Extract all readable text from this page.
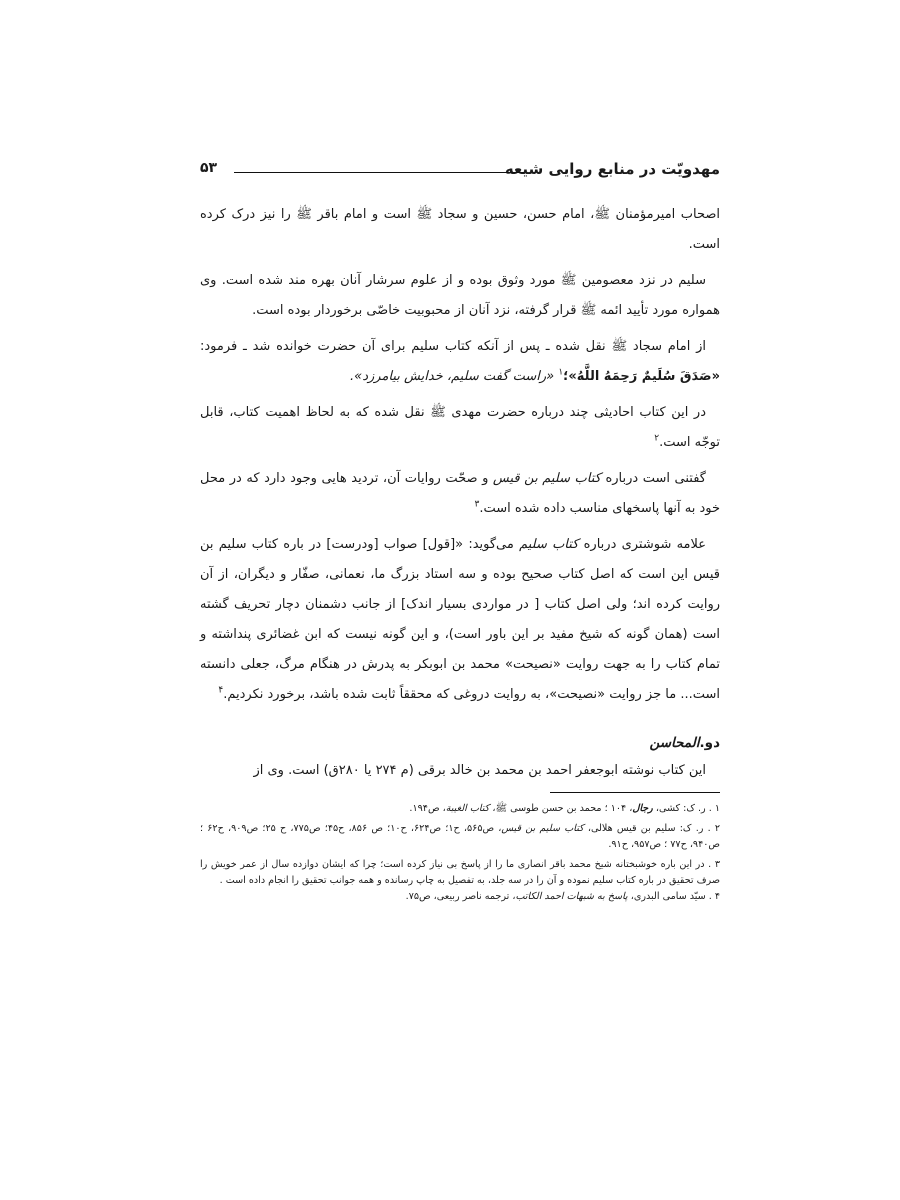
مهدویّت در منابع روایی شیعه
۵۳

اصحاب امیرمؤمنان ﷺ، امام حسن، حسین و سجاد ﷺ است و امام باقر ﷺ را نیز درک کرده است.

سلیم در نزد معصومین ﷺ مورد وثوق بوده و از علوم سرشار آنان بهره مند شده است. وی همواره مورد تأیید ائمه ﷺ قرار گرفته، نزد آنان از محبوبیت خاصّی برخوردار بوده است.

از امام سجاد ﷺ نقل شده ـ پس از آنکه کتاب سلیم برای آن حضرت خوانده شد ـ فرمود: «صَدَقَ سُلَیمٌ رَحِمَهُ اللَّهُ»؛$^۱$ «راست گفت سلیم، خدایش بیامرزد».

در این کتاب احادیثی چند درباره حضرت مهدی ﷺ نقل شده که به لحاظ اهمیت کتاب، قابل توجّه است.$^۲$

گفتنی است درباره کتاب سلیم بن قیس و صحّت روایات آن، تردید هایی وجود دارد که در محل خود به آنها پاسخهای مناسب داده شده است.$^۳$

علامه شوشتری درباره کتاب سلیم می‌گوید: «[قول] صواب [ودرست] در باره کتاب سلیم بن قیس این است که اصل کتاب صحیح بوده و سه استاد بزرگ ما، نعمانی، صفّار و دیگران، از آن روایت کرده اند؛ ولی اصل کتاب [ در مواردی بسیار اندک] از جانب دشمنان دچار تحریف گشته است (همان گونه که شیخ مفید بر این باور است)، و این گونه نیست که ابن غضائری پنداشته و تمام کتاب را به جهت روایت «نصیحت» محمد بن ابوبکر به پدرش در هنگام مرگ، جعلی دانسته است... ما جز روایت «نصیحت»، به روایت دروغی که محققاً ثابت شده باشد، برخورد نکردیم.$^۴$

دو.المحاسن

این کتاب نوشته ابوجعفر احمد بن محمد بن خالد برقی (م ۲۷۴ یا ۲۸۰ق) است. وی از

۱ . ر. ک: کشی، رجال، ۱۰۴ ؛ محمد بن حسن طوسی ﷺ، کتاب الغیبة، ص۱۹۴.

۲ . ر. ک: سلیم بن قیس هلالی، کتاب سلیم بن قیس، ص۵۶۵، ح۱؛ ص۶۲۴، ح۱۰؛ ص ۸۵۶، ح۴۵؛ ص۷۷۵، ح ۲۵؛ ص۹۰۹، ح۶۲ ؛ ص۹۴۰، ح۷۷ ؛ ص۹۵۷، ح۹۱.

۳ . در این باره خوشبختانه شیخ محمد باقر انصاری ما را از پاسخ بی نیاز کرده است؛ چرا که ایشان دوازده سال از عمر خویش را صرف تحقیق در باره کتاب سلیم نموده و آن را در سه جلد، به تفصیل به چاپ رسانده و همه جوانب تحقیق را انجام داده است .

۴ . سیّد سامی البدری، پاسخ به شبهات احمد الکاتب، ترجمه ناصر ربیعی، ص۷۵.
